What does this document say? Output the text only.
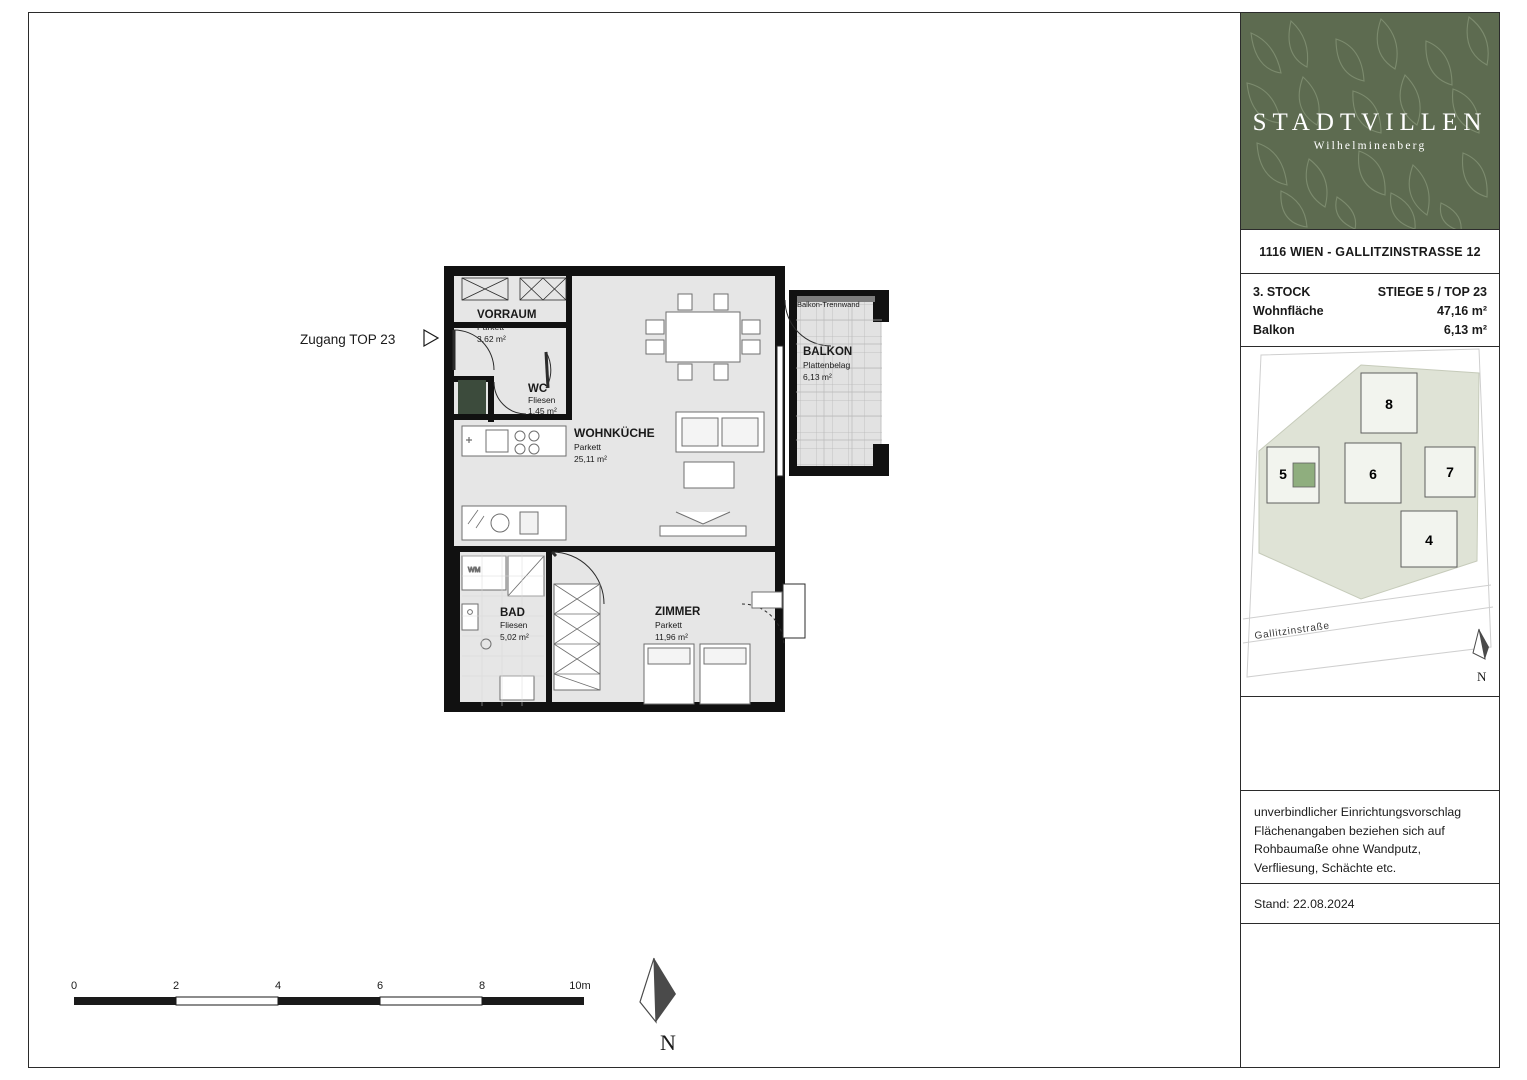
WM
Zugang TOP 23
VORRAUM
Parkett
3,62 m²
WC
Fliesen
1,45 m²
WOHNKÜCHE
Parkett
25,11 m²
BALKON
Plattenbelag
6,13 m²
Balkon-Trennwand
BAD
Fliesen
5,02 m²
ZIMMER
Parkett
11,96 m²
0	2	4	6	8	10m
N
STADTVILLEN
Wilhelminenberg
1116 WIEN - GALLITZINSTRASSE 12
3. STOCK	STIEGE 5 / TOP 23
Wohnfläche	47,16 m²
Balkon	6,13 m²
8
6	7
5
4
Gallitzinstraße
N

unverbindlicher Einrichtungsvorschlag Flächenangaben beziehen sich auf Rohbaumaße ohne Wandputz, Verfliesung, Schächte etc.

Stand: 22.08.2024
